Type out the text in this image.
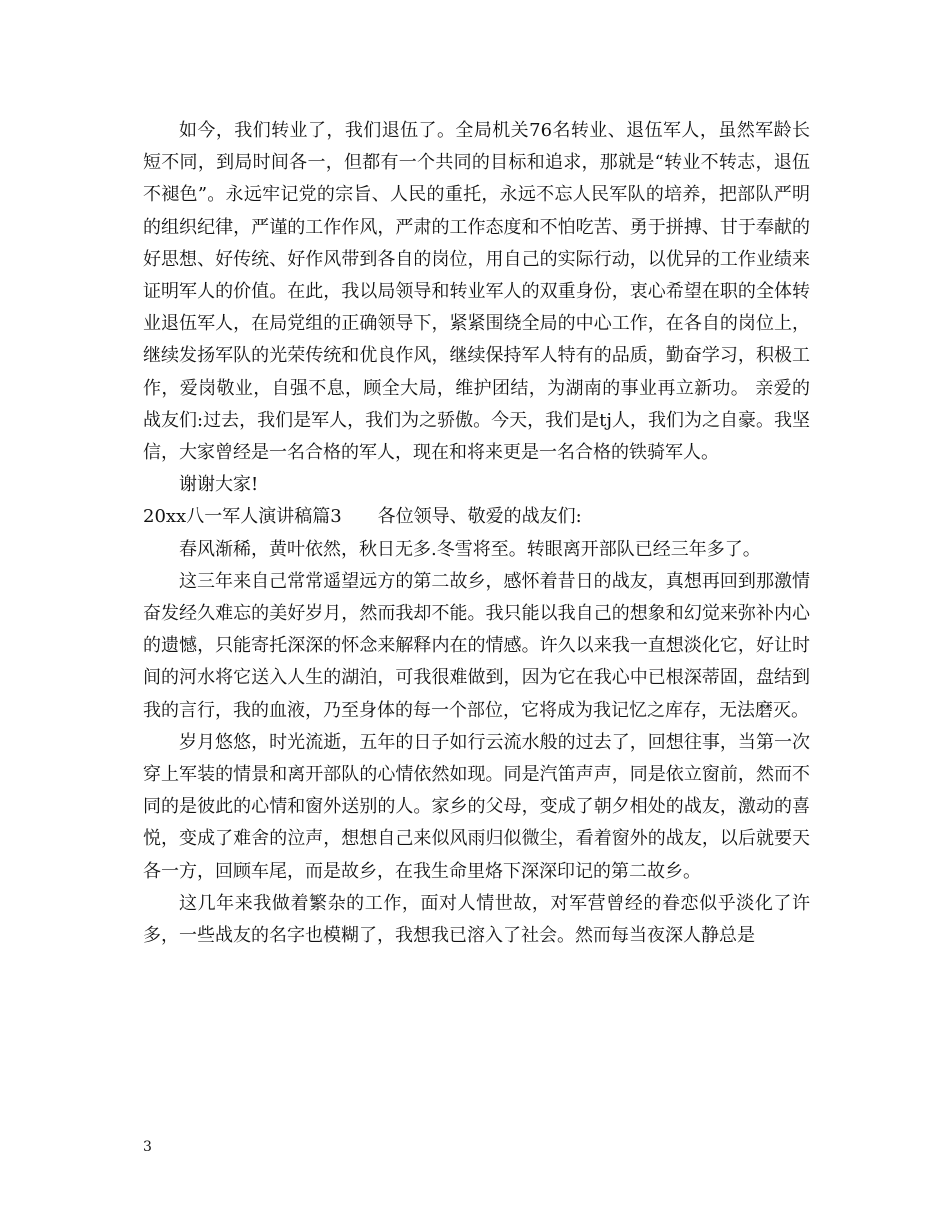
如今，我们转业了，我们退伍了。全局机关76名转业、退伍军人，虽然军龄长短不同，到局时间各一，但都有一个共同的目标和追求，那就是“转业不转志，退伍不褪色”。永远牢记党的宗旨、人民的重托，永远不忘人民军队的培养，把部队严明的组织纪律，严谨的工作作风，严肃的工作态度和不怕吃苦、勇于拼搏、甘于奉献的好思想、好传统、好作风带到各自的岗位，用自己的实际行动，以优异的工作业绩来证明军人的价值。在此，我以局领导和转业军人的双重身份，衷心希望在职的全体转业退伍军人，在局党组的正确领导下，紧紧围绕全局的中心工作，在各自的岗位上，继续发扬军队的光荣传统和优良作风，继续保持军人特有的品质，勤奋学习，积极工作，爱岗敬业，自强不息，顾全大局，维护团结，为湖南的事业再立新功。 亲爱的战友们:过去，我们是军人，我们为之骄傲。今天，我们是tj人，我们为之自豪。我坚信，大家曾经是一名合格的军人，现在和将来更是一名合格的铁骑军人。

谢谢大家!

20xx八一军人演讲稿篇3　　各位领导、敬爱的战友们:

春风渐稀，黄叶依然，秋日无多.冬雪将至。转眼离开部队已经三年多了。

这三年来自己常常遥望远方的第二故乡，感怀着昔日的战友，真想再回到那激情奋发经久难忘的美好岁月，然而我却不能。我只能以我自己的想象和幻觉来弥补内心的遗憾，只能寄托深深的怀念来解释内在的情感。许久以来我一直想淡化它，好让时间的河水将它送入人生的湖泊，可我很难做到，因为它在我心中已根深蒂固，盘结到我的言行，我的血液，乃至身体的每一个部位，它将成为我记忆之库存，无法磨灭。

岁月悠悠，时光流逝，五年的日子如行云流水般的过去了，回想往事，当第一次穿上军装的情景和离开部队的心情依然如现。同是汽笛声声，同是依立窗前，然而不同的是彼此的心情和窗外送别的人。家乡的父母，变成了朝夕相处的战友，激动的喜悦，变成了难舍的泣声，想想自己来似风雨归似微尘，看着窗外的战友，以后就要天各一方，回顾车尾，而是故乡，在我生命里烙下深深印记的第二故乡。

这几年来我做着繁杂的工作，面对人情世故，对军营曾经的眷恋似乎淡化了许多，一些战友的名字也模糊了，我想我已溶入了社会。然而每当夜深人静总是

3
